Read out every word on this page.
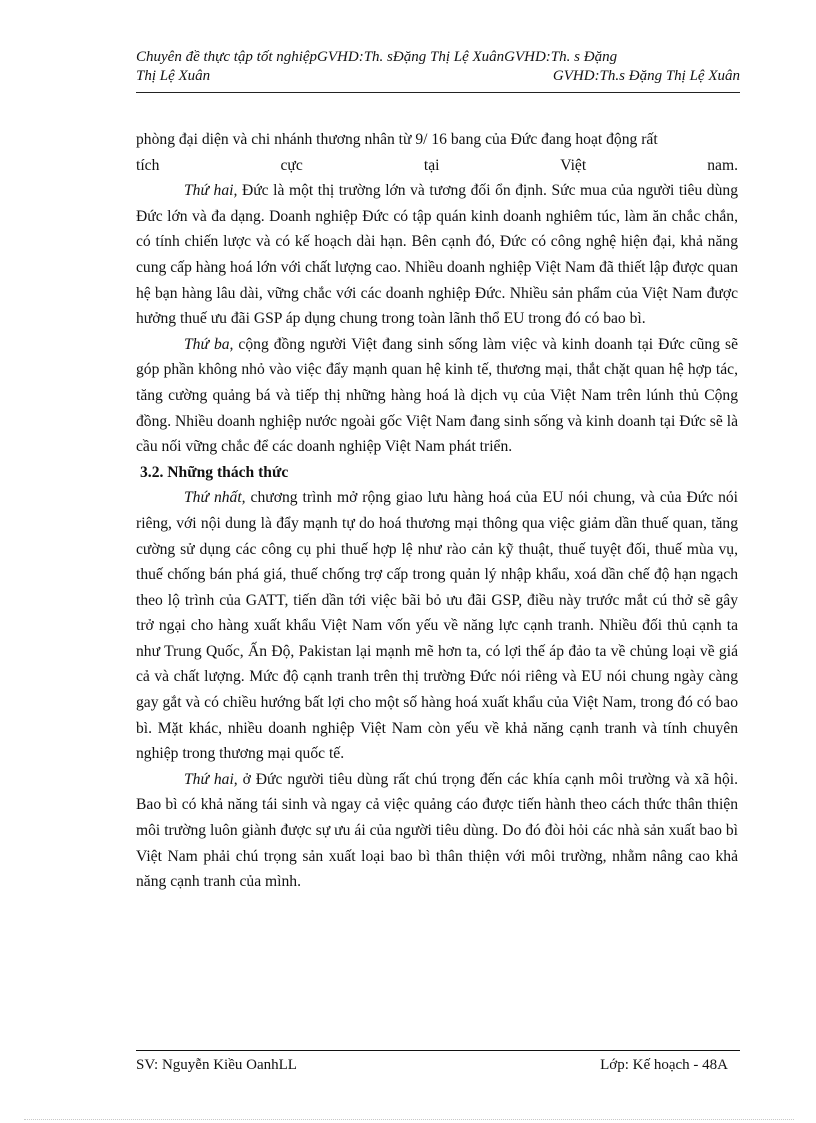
Chuyên đề thực tập tốt nghiệpGVHD:Th. sĐặng Thị Lệ XuânGVHD:Th. s Đặng
Thị Lệ Xuân	GVHD:Th.s Đặng Thị Lệ Xuân

phòng đại diện và chi nhánh thương nhân từ 9/ 16 bang của Đức đang hoạt động rất

tích cực tại Việt nam.

Thứ hai, Đức là một thị trường lớn và tương đối ổn định. Sức mua của người tiêu dùng Đức lớn và đa dạng. Doanh nghiệp Đức có tập quán kinh doanh nghiêm túc, làm ăn chắc chắn, có tính chiến lược và có kế hoạch dài hạn. Bên cạnh đó, Đức có công nghệ hiện đại, khả năng cung cấp hàng hoá lớn với chất lượng cao. Nhiều doanh nghiệp Việt Nam đã thiết lập được quan hệ bạn hàng lâu dài, vững chắc với các doanh nghiệp Đức. Nhiều sản phẩm của Việt Nam được hưởng thuế ưu đãi GSP áp dụng chung trong toàn lãnh thổ EU trong đó có bao bì.

Thứ ba, cộng đồng người Việt đang sinh sống làm việc và kinh doanh tại Đức cũng sẽ góp phần không nhỏ vào việc đẩy mạnh quan hệ kinh tế, thương mại, thắt chặt quan hệ hợp tác, tăng cường quảng bá và tiếp thị những hàng hoá là dịch vụ của Việt Nam trên lúnh thủ Cộng đồng. Nhiều doanh nghiệp nước ngoài gốc Việt Nam đang sinh sống và kinh doanh tại Đức sẽ là cầu nối vững chắc để các doanh nghiệp Việt Nam phát triển.

3.2. Những thách thức

Thứ nhất, chương trình mở rộng giao lưu hàng hoá của EU nói chung, và của Đức nói riêng, với nội dung là đẩy mạnh tự do hoá thương mại thông qua việc giảm dần thuế quan, tăng cường sử dụng các công cụ phi thuế hợp lệ như rào cản kỹ thuật, thuế tuyệt đối, thuế mùa vụ, thuế chống bán phá giá, thuế chống trợ cấp trong quản lý nhập khẩu, xoá dần chế độ hạn ngạch theo lộ trình của GATT, tiến dần tới việc bãi bỏ ưu đãi GSP, điều này trước mắt cú thở sẽ gây trở ngại cho hàng xuất khẩu Việt Nam vốn yếu về năng lực cạnh tranh. Nhiều đối thủ cạnh ta như Trung Quốc, Ấn Độ, Pakistan lại mạnh mẽ hơn ta, có lợi thế áp đảo ta về chủng loại về giá cả và chất lượng. Mức độ cạnh tranh trên thị trường Đức nói riêng và EU nói chung ngày càng gay gắt và có chiều hướng bất lợi cho một số hàng hoá xuất khẩu của Việt Nam, trong đó có bao bì. Mặt khác, nhiều doanh nghiệp Việt Nam còn yếu về khả năng cạnh tranh và tính chuyên nghiệp trong thương mại quốc tế.

Thứ hai, ở Đức người tiêu dùng rất chú trọng đến các khía cạnh môi trường và xã hội. Bao bì có khả năng tái sinh và ngay cả việc quảng cáo được tiến hành theo cách thức thân thiện môi trường luôn giành được sự ưu ái của người tiêu dùng. Do đó đòi hỏi các nhà sản xuất bao bì Việt Nam phải chú trọng sản xuất loại bao bì thân thiện với môi trường, nhằm nâng cao khả năng cạnh tranh của mình.

SV: Nguyễn Kiều OanhLL	Lớp: Kế hoạch - 48A
